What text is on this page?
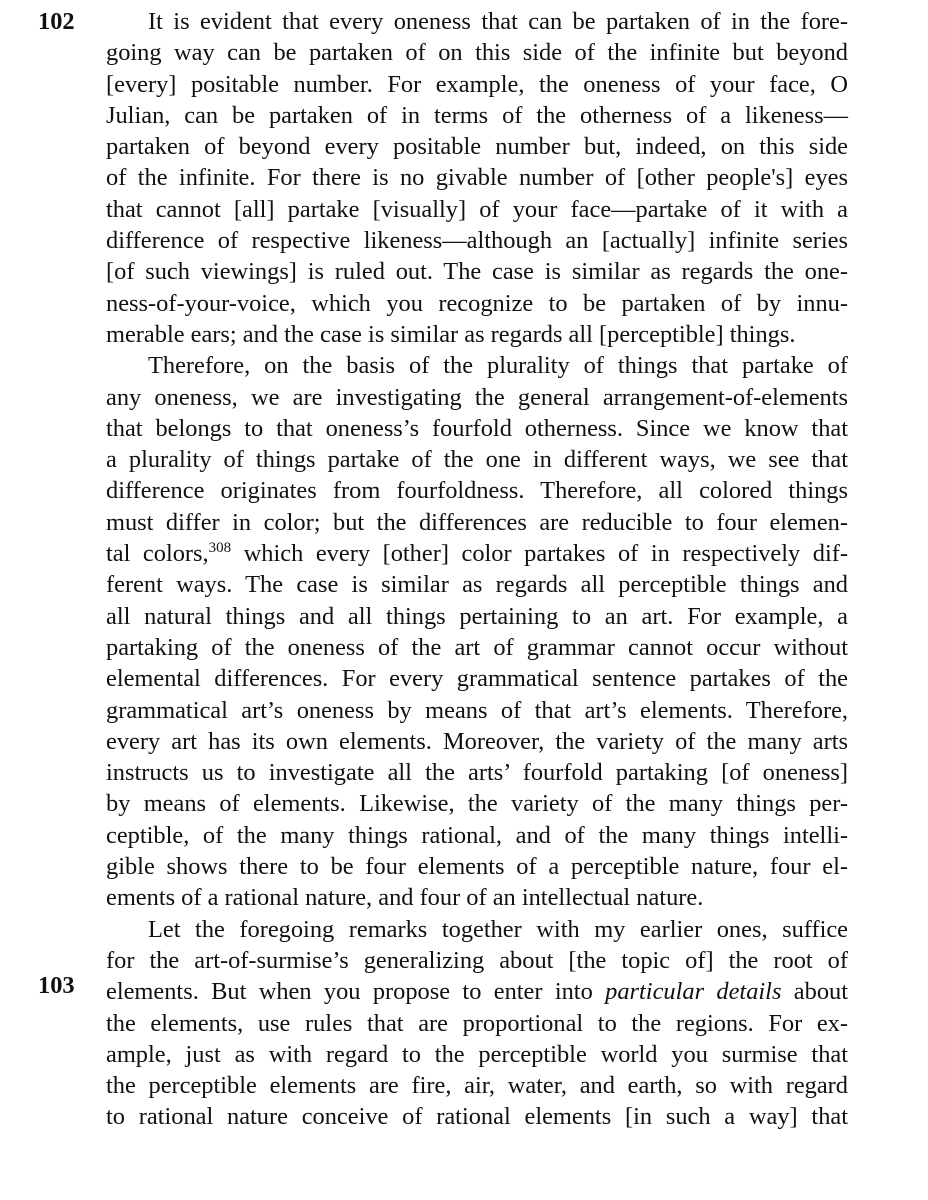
102
103
It is evident that every oneness that can be partaken of in the fore-
going way can be partaken of on this side of the infinite but beyond
[every] positable number. For example, the oneness of your face, O
Julian, can be partaken of in terms of the otherness of a likeness—
partaken of beyond every positable number but, indeed, on this side
of the infinite. For there is no givable number of [other people's] eyes
that cannot [all] partake [visually] of your face—partake of it with a
difference of respective likeness—although an [actually] infinite series
[of such viewings] is ruled out. The case is similar as regards the one-
ness-of-your-voice, which you recognize to be partaken of by innu-
merable ears; and the case is similar as regards all [perceptible] things.
Therefore, on the basis of the plurality of things that partake of
any oneness, we are investigating the general arrangement-of-elements
that belongs to that oneness’s fourfold otherness. Since we know that
a plurality of things partake of the one in different ways, we see that
difference originates from fourfoldness. Therefore, all colored things
must differ in color; but the differences are reducible to four elemen-
tal colors,$^{308}$ which every [other] color partakes of in respectively dif-
ferent ways. The case is similar as regards all perceptible things and
all natural things and all things pertaining to an art. For example, a
partaking of the oneness of the art of grammar cannot occur without
elemental differences. For every grammatical sentence partakes of the
grammatical art’s oneness by means of that art’s elements. Therefore,
every art has its own elements. Moreover, the variety of the many arts
instructs us to investigate all the arts’ fourfold partaking [of oneness]
by means of elements. Likewise, the variety of the many things per-
ceptible, of the many things rational, and of the many things intelli-
gible shows there to be four elements of a perceptible nature, four el-
ements of a rational nature, and four of an intellectual nature.
Let the foregoing remarks together with my earlier ones, suffice
for the art-of-surmise’s generalizing about [the topic of] the root of
elements. But when you propose to enter into particular details about
the elements, use rules that are proportional to the regions. For ex-
ample, just as with regard to the perceptible world you surmise that
the perceptible elements are fire, air, water, and earth, so with regard
to rational nature conceive of rational elements [in such a way] that
